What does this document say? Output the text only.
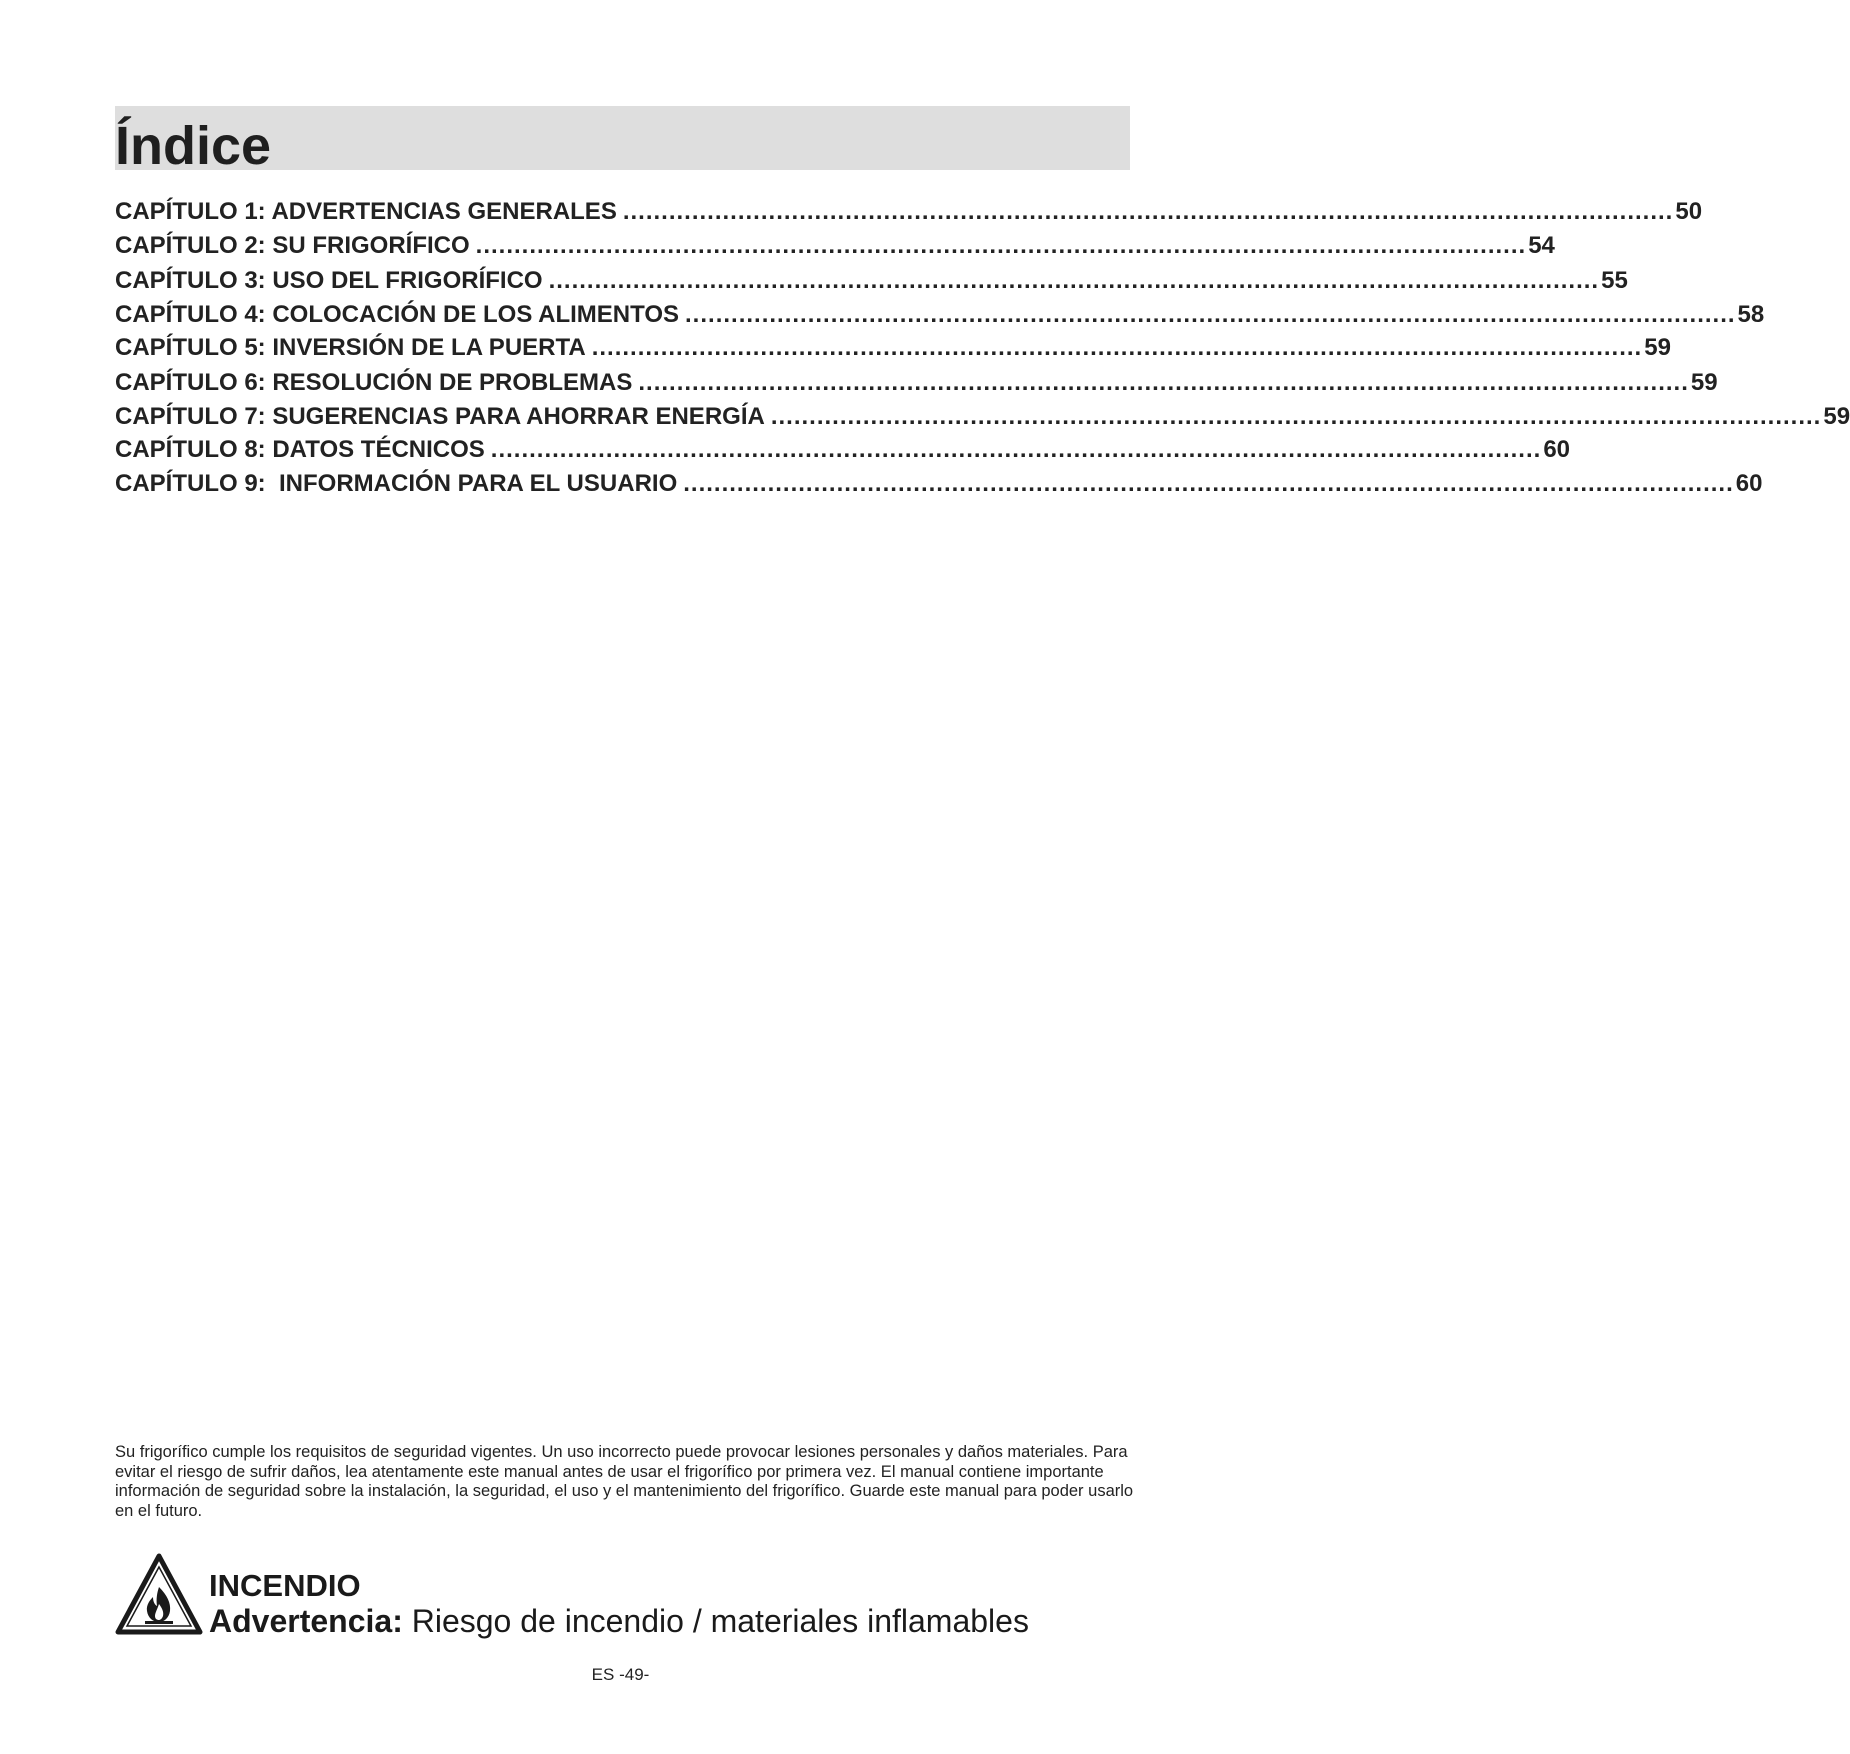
Índice
CAPÍTULO 1: ADVERTENCIAS GENERALES ......................................................................................................................................... 50
CAPÍTULO 2: SU FRIGORÍFICO ......................................................................................................................................... 54
CAPÍTULO 3: USO DEL FRIGORÍFICO ......................................................................................................................................... 55
CAPÍTULO 4: COLOCACIÓN DE LOS ALIMENTOS ......................................................................................................................................... 58
CAPÍTULO 5: INVERSIÓN DE LA PUERTA ......................................................................................................................................... 59
CAPÍTULO 6: RESOLUCIÓN DE PROBLEMAS ......................................................................................................................................... 59
CAPÍTULO 7: SUGERENCIAS PARA AHORRAR ENERGÍA ......................................................................................................................................... 59
CAPÍTULO 8: DATOS TÉCNICOS ......................................................................................................................................... 60
CAPÍTULO 9:  INFORMACIÓN PARA EL USUARIO ......................................................................................................................................... 60
Su frigorífico cumple los requisitos de seguridad vigentes. Un uso incorrecto puede provocar lesiones personales y daños materiales. Para evitar el riesgo de sufrir daños, lea atentamente este manual antes de usar el frigorífico por primera vez. El manual contiene importante información de seguridad sobre la instalación, la seguridad, el uso y el mantenimiento del frigorífico. Guarde este manual para poder usarlo en el futuro.
INCENDIO
Advertencia: Riesgo de incendio / materiales inflamables
ES -49-
